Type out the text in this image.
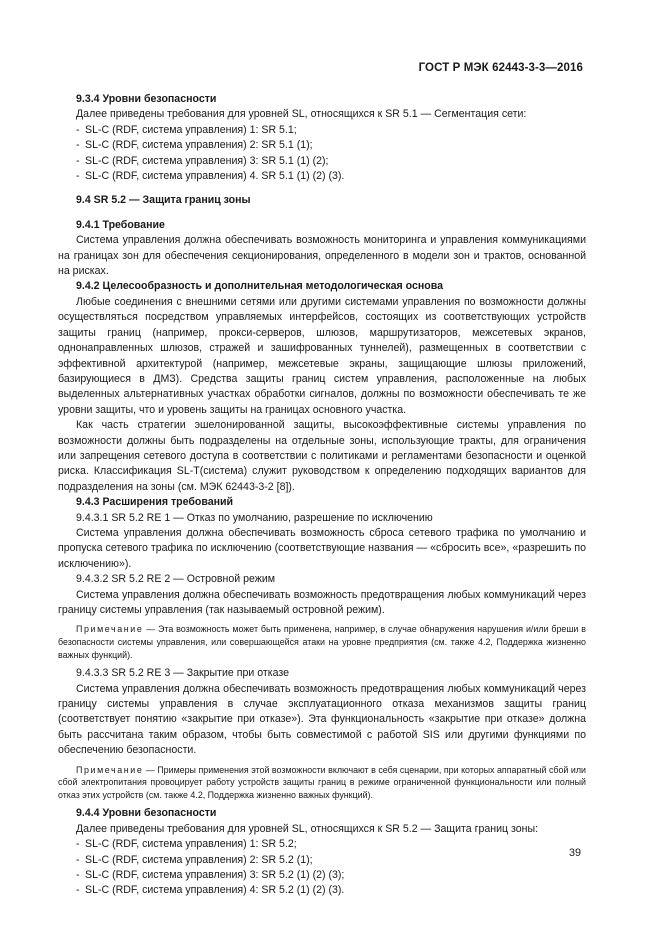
ГОСТ Р МЭК 62443-3-3—2016

9.3.4 Уровни безопасности

Далее приведены требования для уровней SL, относящихся к SR 5.1 — Сегментация сети:

- SL-C (RDF, система управления) 1: SR 5.1;
- SL-C (RDF, система управления) 2: SR 5.1 (1);
- SL-C (RDF, система управления) 3: SR 5.1 (1) (2);
- SL-C (RDF, система управления) 4. SR 5.1 (1) (2) (3).

9.4 SR 5.2 — Защита границ зоны

9.4.1 Требование

Система управления должна обеспечивать возможность мониторинга и управления коммуникациями на границах зон для обеспечения секционирования, определенного в модели зон и трактов, основанной на рисках.

9.4.2 Целесообразность и дополнительная методологическая основа

Любые соединения с внешними сетями или другими системами управления по возможности должны осуществляться посредством управляемых интерфейсов, состоящих из соответствующих устройств защиты границ (например, прокси-серверов, шлюзов, маршрутизаторов, межсетевых экранов, однонаправленных шлюзов, стражей и зашифрованных туннелей), размещенных в соответствии с эффективной архитектурой (например, межсетевые экраны, защищающие шлюзы приложений, базирующиеся в ДМЗ). Средства защиты границ систем управления, расположенные на любых выделенных альтернативных участках обработки сигналов, должны по возможности обеспечивать те же уровни защиты, что и уровень защиты на границах основного участка.

Как часть стратегии эшелонированной защиты, высокоэффективные системы управления по возможности должны быть подразделены на отдельные зоны, использующие тракты, для ограничения или запрещения сетевого доступа в соответствии с политиками и регламентами безопасности и оценкой риска. Классификация SL-T(система) служит руководством к определению подходящих вариантов для подразделения на зоны (см. МЭК 62443-3-2 [8]).

9.4.3 Расширения требований

9.4.3.1 SR 5.2 RE 1 — Отказ по умолчанию, разрешение по исключению

Система управления должна обеспечивать возможность сброса сетевого трафика по умолчанию и пропуска сетевого трафика по исключению (соответствующие названия — «сбросить все», «разрешить по исключению»).

9.4.3.2 SR 5.2 RE 2 — Островной режим

Система управления должна обеспечивать возможность предотвращения любых коммуникаций через границу системы управления (так называемый островной режим).

Примечание — Эта возможность может быть применена, например, в случае обнаружения нарушения и/или бреши в безопасности системы управления, или совершающейся атаки на уровне предприятия (см. также 4.2, Поддержка жизненно важных функций).

9.4.3.3 SR 5.2 RE 3 — Закрытие при отказе

Система управления должна обеспечивать возможность предотвращения любых коммуникаций через границу системы управления в случае эксплуатационного отказа механизмов защиты границ (соответствует понятию «закрытие при отказе»). Эта функциональность «закрытие при отказе» должна быть рассчитана таким образом, чтобы быть совместимой с работой SIS или другими функциями по обеспечению безопасности.

Примечание — Примеры применения этой возможности включают в себя сценарии, при которых аппаратный сбой или сбой электропитания провоцирует работу устройств защиты границ в режиме ограниченной функциональности или полный отказ этих устройств (см. также 4.2, Поддержка жизненно важных функций).

9.4.4 Уровни безопасности

Далее приведены требования для уровней SL, относящихся к SR 5.2 — Защита границ зоны:

- SL-C (RDF, система управления) 1: SR 5.2;
- SL-C (RDF, система управления) 2: SR 5.2 (1);
- SL-C (RDF, система управления) 3: SR 5.2 (1) (2) (3);
- SL-C (RDF, система управления) 4: SR 5.2 (1) (2) (3).
39
